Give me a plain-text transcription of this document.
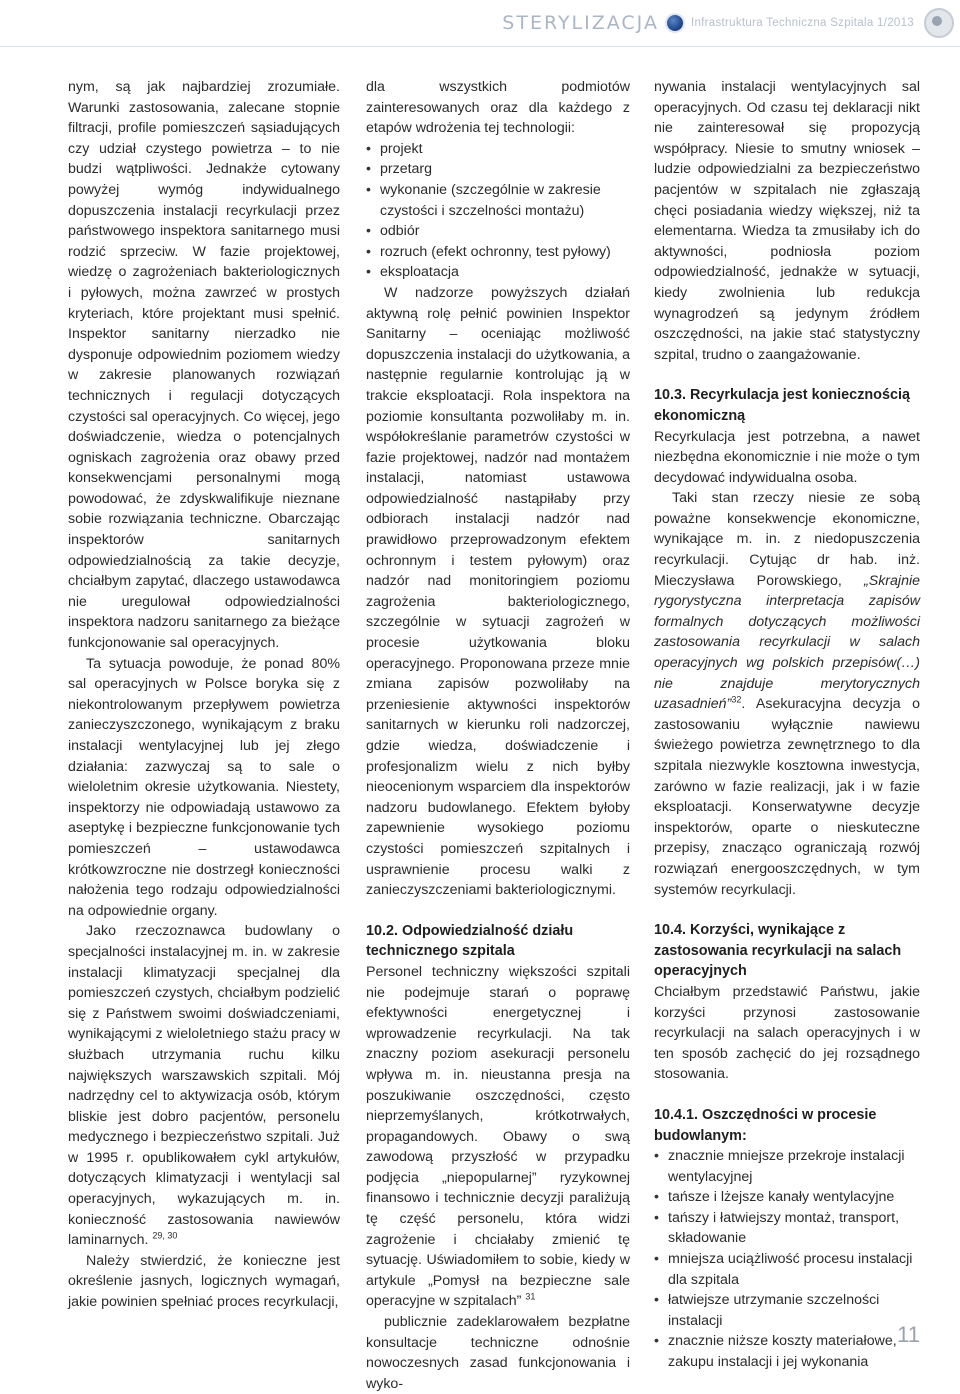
STERYLIZACJA	Infrastruktura Techniczna Szpitala 1/2013

nym, są jak najbardziej zrozumiałe. Warunki zastosowania, zalecane stopnie filtracji, profile pomieszczeń sąsiadujących czy udział czystego powietrza – to nie budzi wątpliwości. Jednakże cytowany powyżej wymóg indywidualnego dopuszczenia instalacji recyrkulacji przez państwowego inspektora sanitarnego musi rodzić sprzeciw. W fazie projektowej, wiedzę o zagrożeniach bakteriologicznych i pyłowych, można zawrzeć w prostych kryteriach, które projektant musi spełnić. Inspektor sanitarny nierzadko nie dysponuje odpowiednim poziomem wiedzy w zakresie planowanych rozwiązań technicznych i regulacji dotyczących czystości sal operacyjnych. Co więcej, jego doświadczenie, wiedza o potencjalnych ogniskach zagrożenia oraz obawy przed konsekwencjami personalnymi mogą powodować, że zdyskwalifikuje nieznane sobie rozwiązania techniczne. Obarczając inspektorów sanitarnych odpowiedzialnością za takie decyzje, chciałbym zapytać, dlaczego ustawodawca nie uregulował odpowiedzialności inspektora nadzoru sanitarnego za bieżące funkcjonowanie sal operacyjnych.

Ta sytuacja powoduje, że ponad 80% sal operacyjnych w Polsce boryka się z niekontrolowanym przepływem powietrza zanieczyszczonego, wynikającym z braku instalacji wentylacyjnej lub jej złego działania: zazwyczaj są to sale o wieloletnim okresie użytkowania. Niestety, inspektorzy nie odpowiadają ustawowo za aseptykę i bezpieczne funkcjonowanie tych pomieszczeń – ustawodawca krótkowzroczne nie dostrzegł konieczności nałożenia tego rodzaju odpowiedzialności na odpowiednie organy.

Jako rzeczoznawca budowlany o specjalności instalacyjnej m. in. w zakresie instalacji klimatyzacji specjalnej dla pomieszczeń czystych, chciałbym podzielić się z Państwem swoimi doświadczeniami, wynikającymi z wieloletniego stażu pracy w służbach utrzymania ruchu kilku największych warszawskich szpitali. Mój nadrzędny cel to aktywizacja osób, którym bliskie jest dobro pacjentów, personelu medycznego i bezpieczeństwo szpitali. Już w 1995 r. opublikowałem cykl artykułów, dotyczących klimatyzacji i wentylacji sal operacyjnych, wykazujących m. in. konieczność zastosowania nawiewów laminarnych. $^{29, 30}$

Należy stwierdzić, że konieczne jest określenie jasnych, logicznych wymagań, jakie powinien spełniać proces recyrkulacji,

dla wszystkich podmiotów zainteresowanych oraz dla każdego z etapów wdrożenia tej technologii:

• projekt
• przetarg
• wykonanie (szczególnie w zakresie czystości i szczelności montażu)
• odbiór
• rozruch (efekt ochronny, test pyłowy)
• eksploatacja

W nadzorze powyższych działań aktywną rolę pełnić powinien Inspektor Sanitarny – oceniając możliwość dopuszczenia instalacji do użytkowania, a następnie regularnie kontrolując ją w trakcie eksploatacji. Rola inspektora na poziomie konsultanta pozwoliłaby m. in. współokreślanie parametrów czystości w fazie projektowej, nadzór nad montażem instalacji, natomiast ustawowa odpowiedzialność nastąpiłaby przy odbiorach instalacji nadzór nad prawidłowo przeprowadzonym efektem ochronnym i testem pyłowym) oraz nadzór nad monitoringiem poziomu zagrożenia bakteriologicznego, szczególnie w sytuacji zagrożeń w procesie użytkowania bloku operacyjnego. Proponowana przeze mnie zmiana zapisów pozwoliłaby na przeniesienie aktywności inspektorów sanitarnych w kierunku roli nadzorczej, gdzie wiedza, doświadczenie i profesjonalizm wielu z nich byłby nieocenionym wsparciem dla inspektorów nadzoru budowlanego. Efektem byłoby zapewnienie wysokiego poziomu czystości pomieszczeń szpitalnych i usprawnienie procesu walki z zanieczyszczeniami bakteriologicznymi.

10.2. Odpowiedzialność działu technicznego szpitala

Personel techniczny większości szpitali nie podejmuje starań o poprawę efektywności energetycznej i wprowadzenie recyrkulacji. Na tak znaczny poziom asekuracji personelu wpływa m. in. nieustanna presja na poszukiwanie oszczędności, często nieprzemyślanych, krótkotrwałych, propagandowych. Obawy o swą zawodową przyszłość w przypadku podjęcia „niepopularnej” ryzykownej finansowo i technicznie decyzji paraliżują tę część personelu, która widzi zagrożenie i chciałaby zmienić tę sytuację. Uświadomiłem to sobie, kiedy w artykule „Pomysł na bezpieczne sale operacyjne w szpitalach” $^{31}$

publicznie zadeklarowałem bezpłatne konsultacje techniczne odnośnie nowoczesnych zasad funkcjonowania i wyko-

nywania instalacji wentylacyjnych sal operacyjnych. Od czasu tej deklaracji nikt nie zainteresował się propozycją współpracy. Niesie to smutny wniosek – ludzie odpowiedzialni za bezpieczeństwo pacjentów w szpitalach nie zgłaszają chęci posiadania wiedzy większej, niż ta elementarna. Wiedza ta zmusiłaby ich do aktywności, podniosła poziom odpowiedzialność, jednakże w sytuacji, kiedy zwolnienia lub redukcja wynagrodzeń są jedynym źródłem oszczędności, na jakie stać statystyczny szpital, trudno o zaangażowanie.

10.3. Recyrkulacja jest koniecznością ekonomiczną

Recyrkulacja jest potrzebna, a nawet niezbędna ekonomicznie i nie może o tym decydować indywidualna osoba.

Taki stan rzeczy niesie ze sobą poważne konsekwencje ekonomiczne, wynikające m. in. z niedopuszczenia recyrkulacji. Cytując dr hab. inż. Mieczysława Porowskiego, „Skrajnie rygorystyczna interpretacja zapisów formalnych dotyczących możliwości zastosowania recyrkulacji w salach operacyjnych wg polskich przepisów(…) nie znajduje merytorycznych uzasadnień”$^{32}$. Asekuracyjna decyzja o zastosowaniu wyłącznie nawiewu świeżego powietrza zewnętrznego to dla szpitala niezwykle kosztowna inwestycja, zarówno w fazie realizacji, jak i w fazie eksploatacji. Konserwatywne decyzje inspektorów, oparte o nieskuteczne przepisy, znacząco ograniczają rozwój rozwiązań energooszczędnych, w tym systemów recyrkulacji.

10.4. Korzyści, wynikające z zastosowania recyrkulacji na salach operacyjnych

Chciałbym przedstawić Państwu, jakie korzyści przynosi zastosowanie recyrkulacji na salach operacyjnych i w ten sposób zachęcić do jej rozsądnego stosowania.

10.4.1. Oszczędności w procesie budowlanym:
• znacznie mniejsze przekroje instalacji wentylacyjnej
• tańsze i lżejsze kanały wentylacyjne
• tańszy i łatwiejszy montaż, transport, składowanie
• mniejsza uciążliwość procesu instalacji dla szpitala
• łatwiejsze utrzymanie szczelności instalacji
• znacznie niższe koszty materiałowe, zakupu instalacji i jej wykonania
11
